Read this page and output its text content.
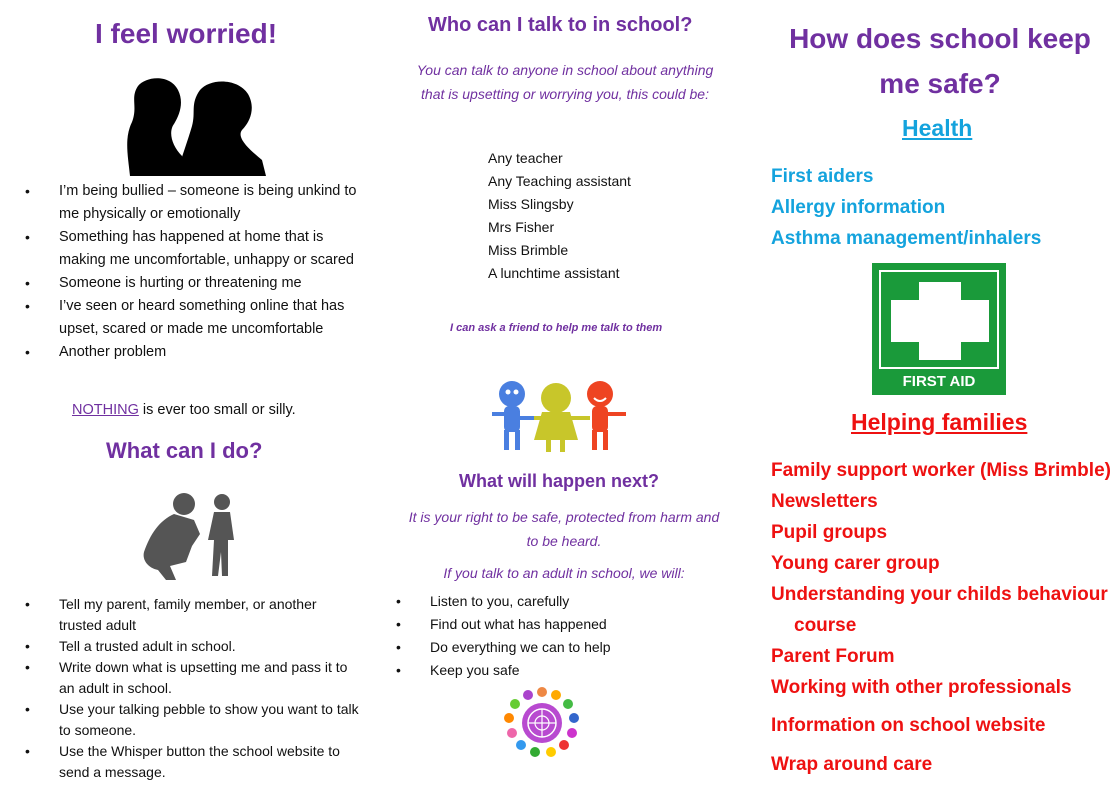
I feel worried!
• I’m being bullied – someone is being unkind to me physically or emotionally
• Something has happened at home that is making me uncomfortable, unhappy or scared
• Someone is hurting or threatening me
• I’ve seen or heard something online that has upset, scared or made me uncomfortable
• Another problem
NOTHING is ever too small or silly.
What can I do?
• Tell my parent, family member, or another trusted adult
• Tell a trusted adult in school.
• Write down what is upsetting me and pass it to an adult in school.
• Use your talking pebble to show you want to talk to someone.
• Use the Whisper button the school website to send a message.
Who can I talk to in school?
You can talk to anyone in school about anything
that is upsetting or worrying you, this could be:
Any teacher
Any Teaching assistant
Miss Slingsby
Mrs Fisher
Miss Brimble
A lunchtime assistant
I can ask a friend to help me talk to them
What will happen next?
It is your right to be safe, protected from harm and
to be heard.
If you talk to an adult in school, we will:
• Listen to you, carefully
• Find out what has happened
• Do everything we can to help
• Keep you safe
How does school keep
me safe?
Health
First aiders
Allergy information
Asthma management/inhalers
FIRST AID
Helping families
Family support worker (Miss Brimble)
Newsletters
Pupil groups
Young carer group
Understanding your childs behaviour
course
Parent Forum
Working with other professionals
Information on school website
Wrap around care
